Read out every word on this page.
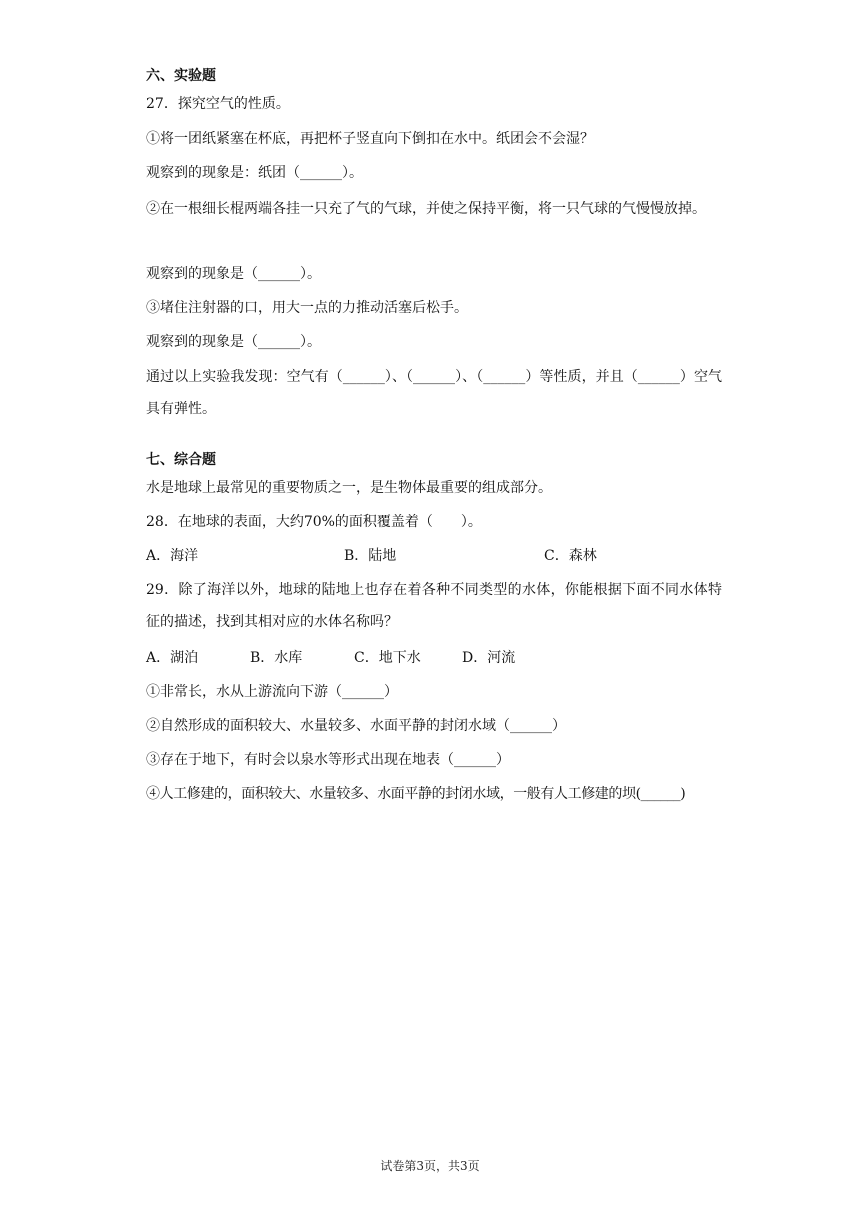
六、实验题
27．探究空气的性质。
①将一团纸紧塞在杯底，再把杯子竖直向下倒扣在水中。纸团会不会湿？
观察到的现象是：纸团（______）。
②在一根细长棍两端各挂一只充了气的气球，并使之保持平衡，将一只气球的气慢慢放掉。
观察到的现象是（______）。
③堵住注射器的口，用大一点的力推动活塞后松手。
观察到的现象是（______）。
通过以上实验我发现：空气有（______）、（______）、（______）等性质，并且（______）空气具有弹性。
七、综合题
水是地球上最常见的重要物质之一，是生物体最重要的组成部分。
28．在地球的表面，大约70%的面积覆盖着（　　）。
A．海洋	B．陆地	C．森林
29．除了海洋以外，地球的陆地上也存在着各种不同类型的水体，你能根据下面不同水体特征的描述，找到其相对应的水体名称吗？
A．湖泊	B．水库	C．地下水	D．河流
①非常长，水从上游流向下游（______）
②自然形成的面积较大、水量较多、水面平静的封闭水域（______）
③存在于地下，有时会以泉水等形式出现在地表（______）
④人工修建的，面积较大、水量较多、水面平静的封闭水域，一般有人工修建的坝(______)
试卷第3页，共3页
